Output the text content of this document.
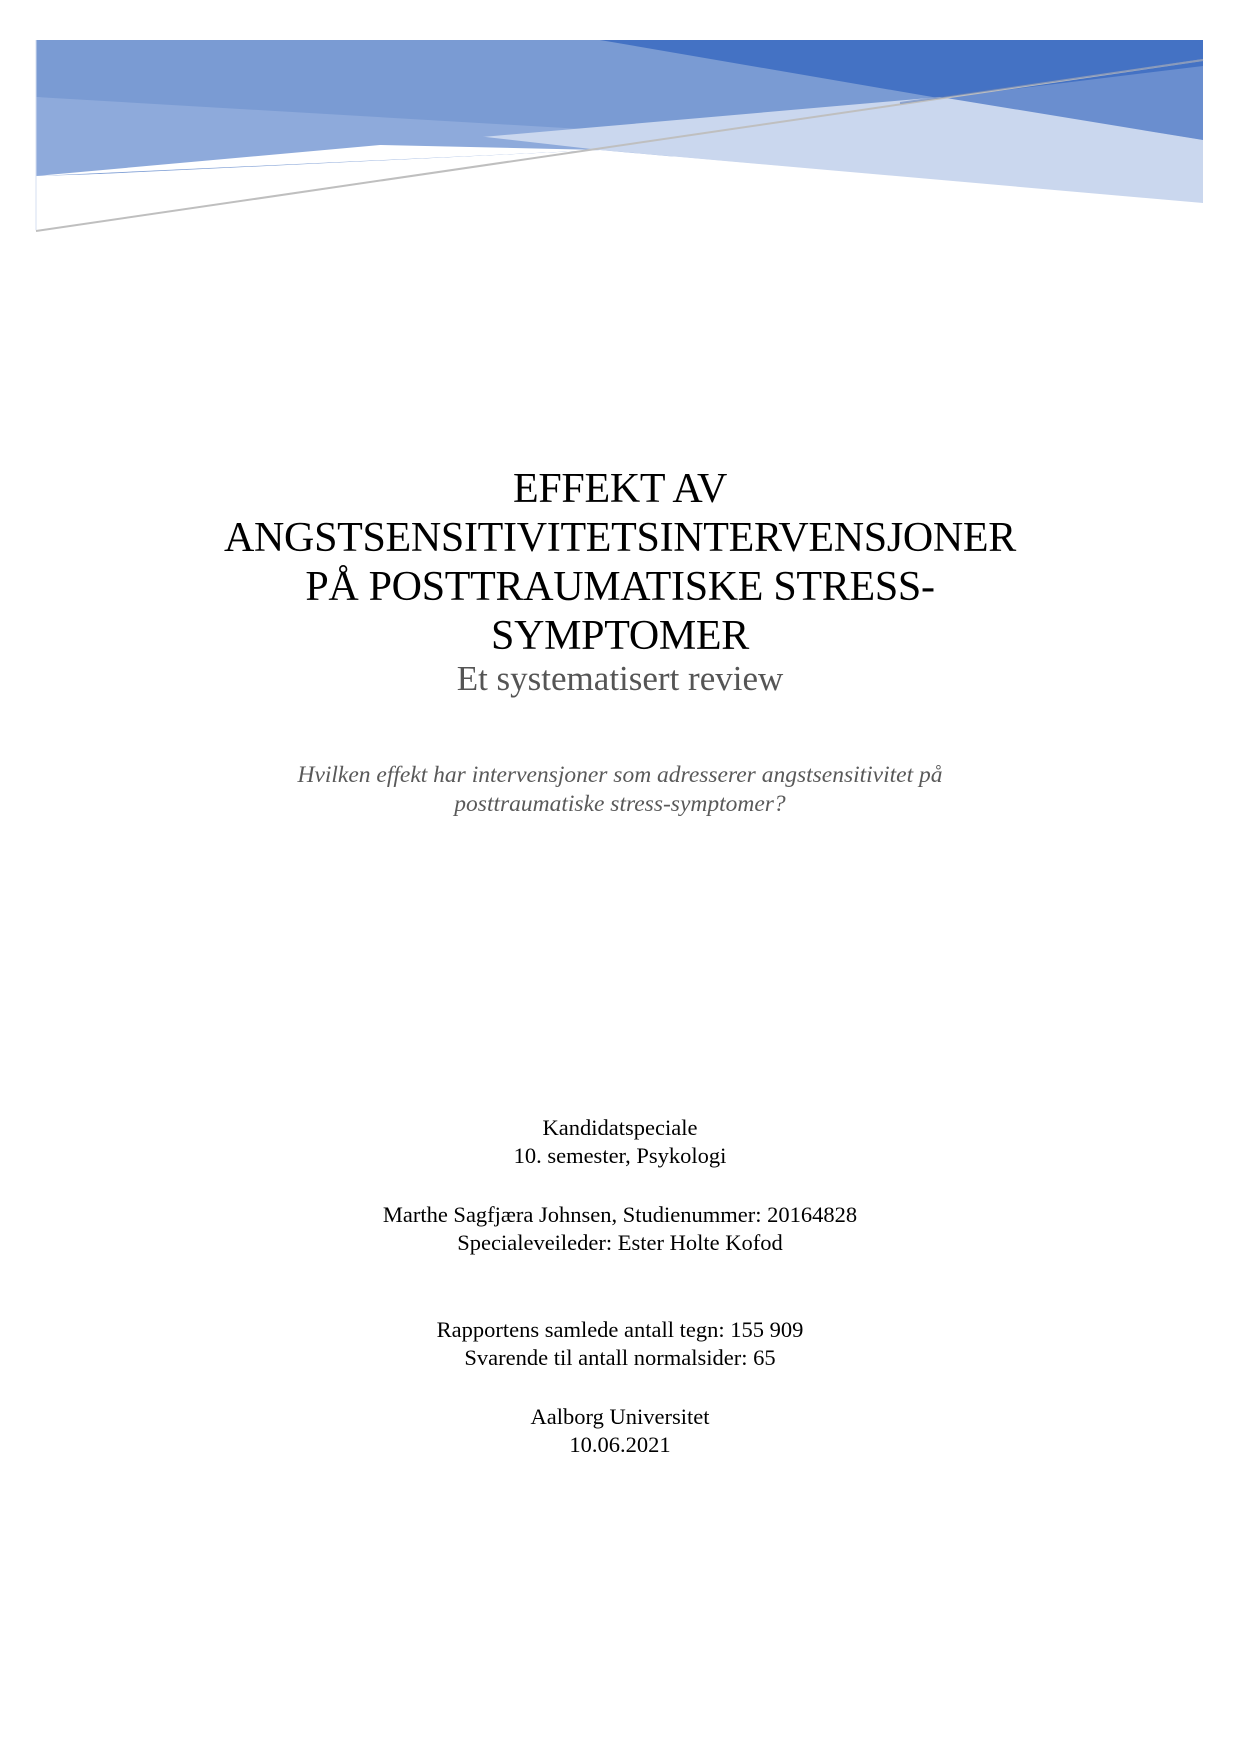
EFFEKT AV
ANGSTSENSITIVITETSINTERVENSJONER
PÅ POSTTRAUMATISKE STRESS-
SYMPTOMER
Et systematisert review
Hvilken effekt har intervensjoner som adresserer angstsensitivitet på
posttraumatiske stress-symptomer?
Kandidatspeciale
10. semester, Psykologi
Marthe Sagfjæra Johnsen, Studienummer: 20164828
Specialeveileder: Ester Holte Kofod
Rapportens samlede antall tegn: 155 909
Svarende til antall normalsider: 65
Aalborg Universitet
10.06.2021
